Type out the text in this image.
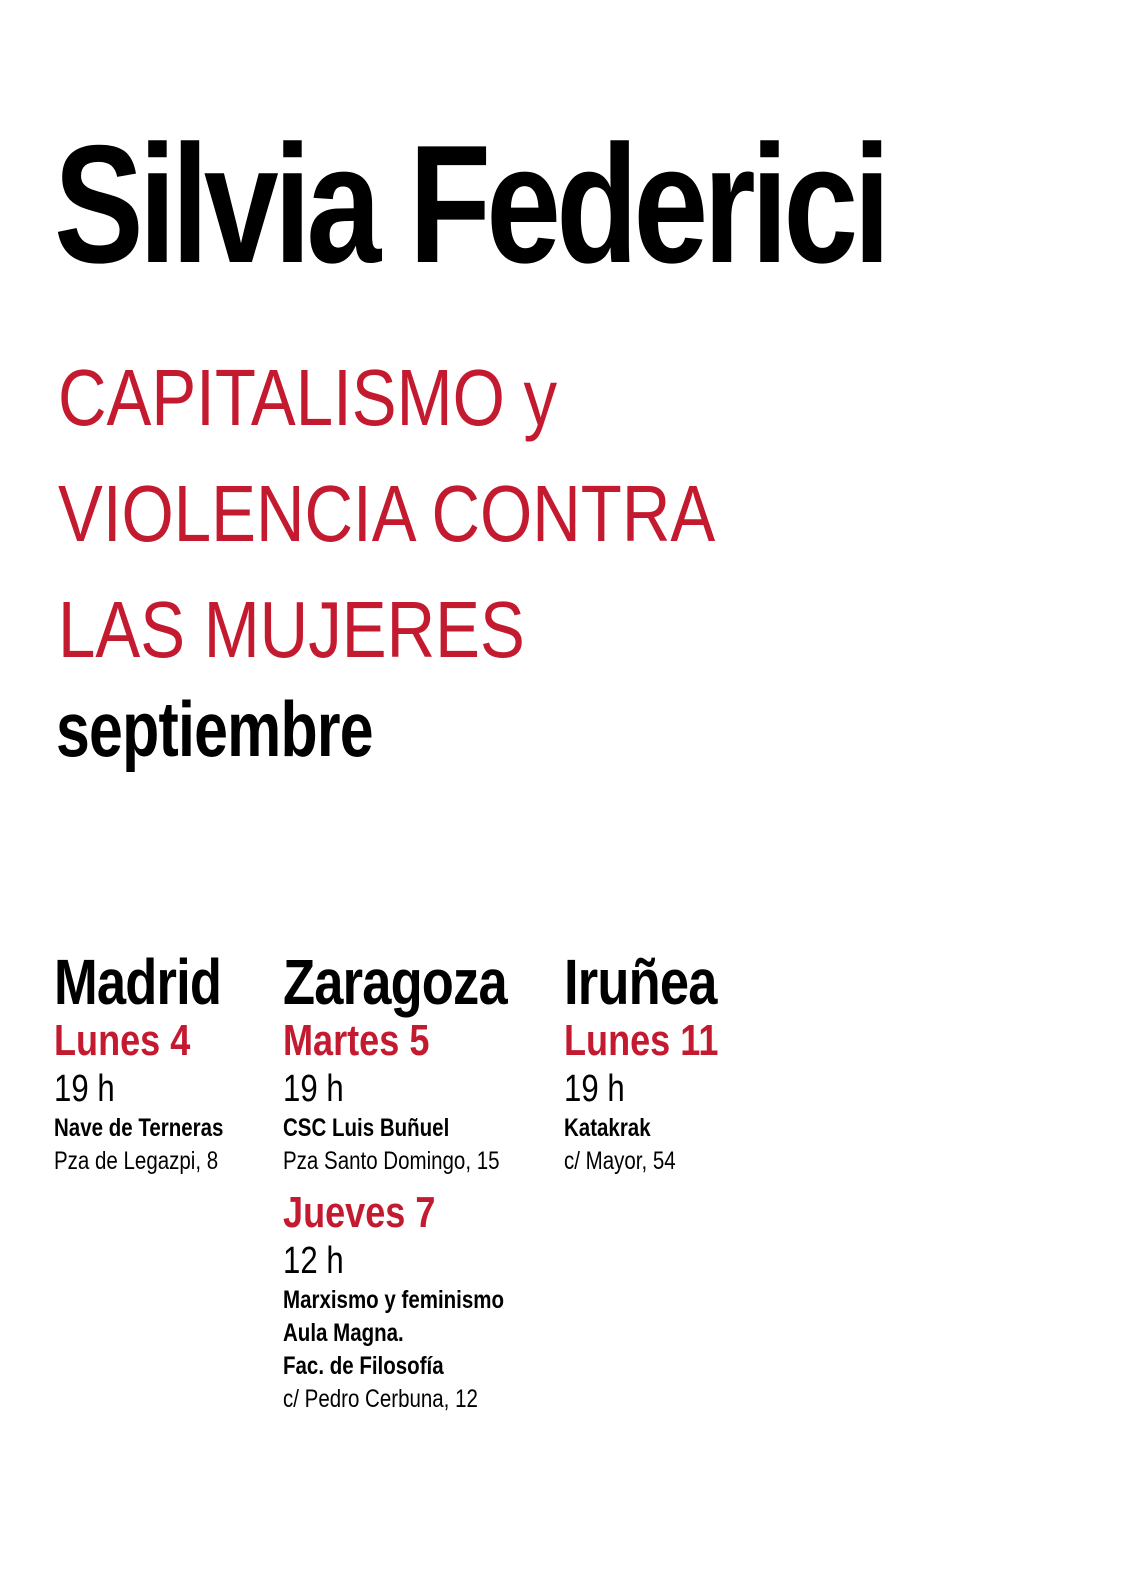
Silvia Federici
CAPITALISMO y
VIOLENCIA CONTRA
LAS MUJERES
septiembre
Madrid
Lunes 4
19 h
Nave de Terneras
Pza de Legazpi, 8
Zaragoza
Martes 5
19 h
CSC Luis Buñuel
Pza Santo Domingo, 15
Jueves 7
12 h
Marxismo y feminismo
Aula Magna.
Fac. de Filosofía
c/ Pedro Cerbuna, 12
Iruñea
Lunes 11
19 h
Katakrak
c/ Mayor, 54
